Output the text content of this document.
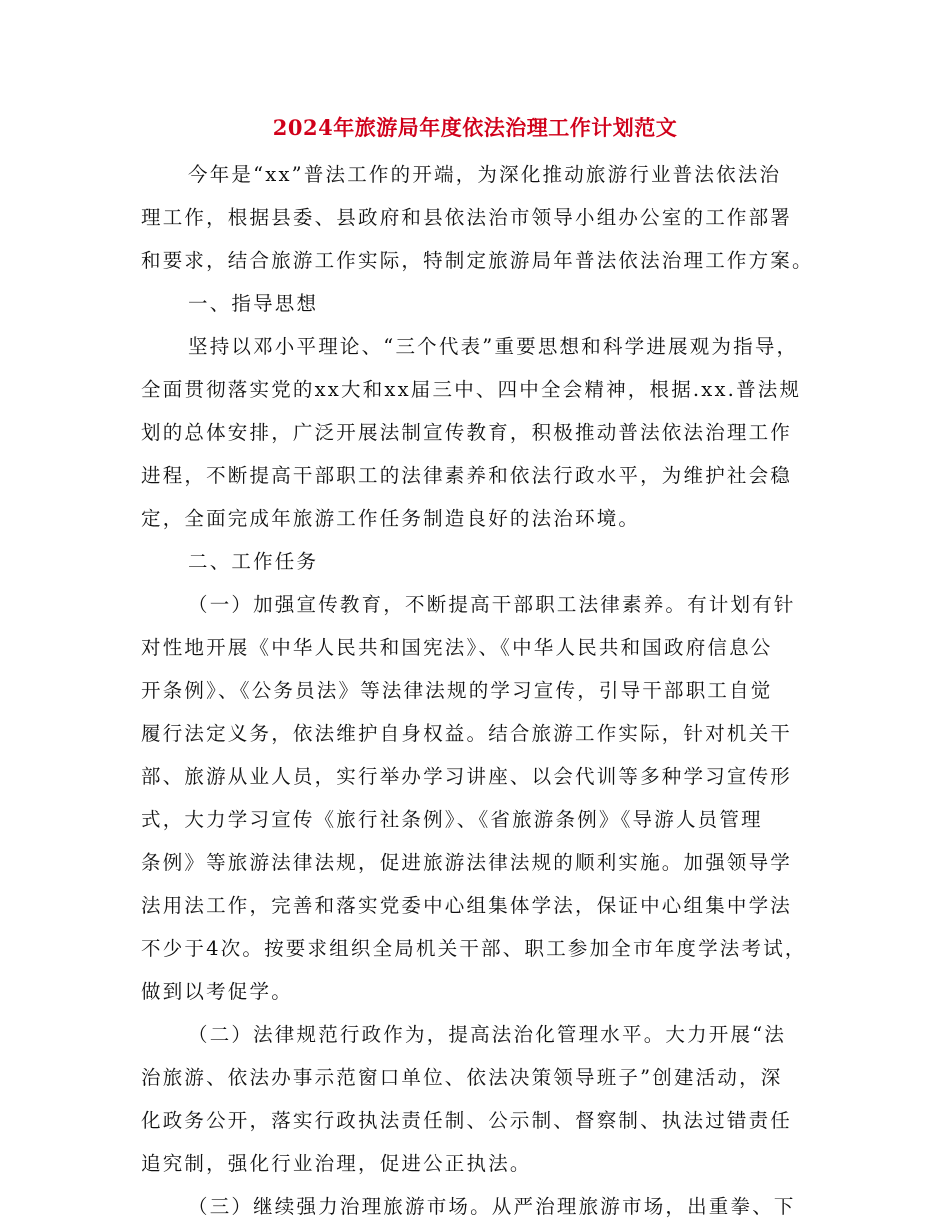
2024年旅游局年度依法治理工作计划范文
今年是“xx”普法工作的开端，为深化推动旅游行业普法依法治
理工作，根据县委、县政府和县依法治市领导小组办公室的工作部署
和要求，结合旅游工作实际，特制定旅游局年普法依法治理工作方案。
一、指导思想
坚持以邓小平理论、“三个代表”重要思想和科学进展观为指导，
全面贯彻落实党的xx大和xx届三中、四中全会精神，根据.xx.普法规
划的总体安排，广泛开展法制宣传教育，积极推动普法依法治理工作
进程，不断提高干部职工的法律素养和依法行政水平，为维护社会稳
定，全面完成年旅游工作任务制造良好的法治环境。
二、工作任务
（一）加强宣传教育，不断提高干部职工法律素养。有计划有针
对性地开展《中华人民共和国宪法》、《中华人民共和国政府信息公
开条例》、《公务员法》等法律法规的学习宣传，引导干部职工自觉
履行法定义务，依法维护自身权益。结合旅游工作实际，针对机关干
部、旅游从业人员，实行举办学习讲座、以会代训等多种学习宣传形
式，大力学习宣传《旅行社条例》、《省旅游条例》《导游人员管理
条例》等旅游法律法规，促进旅游法律法规的顺利实施。加强领导学
法用法工作，完善和落实党委中心组集体学法，保证中心组集中学法
不少于4次。按要求组织全局机关干部、职工参加全市年度学法考试，
做到以考促学。
（二）法律规范行政作为，提高法治化管理水平。大力开展“法
治旅游、依法办事示范窗口单位、依法决策领导班子”创建活动，深
化政务公开，落实行政执法责任制、公示制、督察制、执法过错责任
追究制，强化行业治理，促进公正执法。
（三）继续强力治理旅游市场。从严治理旅游市场，出重拳、下
